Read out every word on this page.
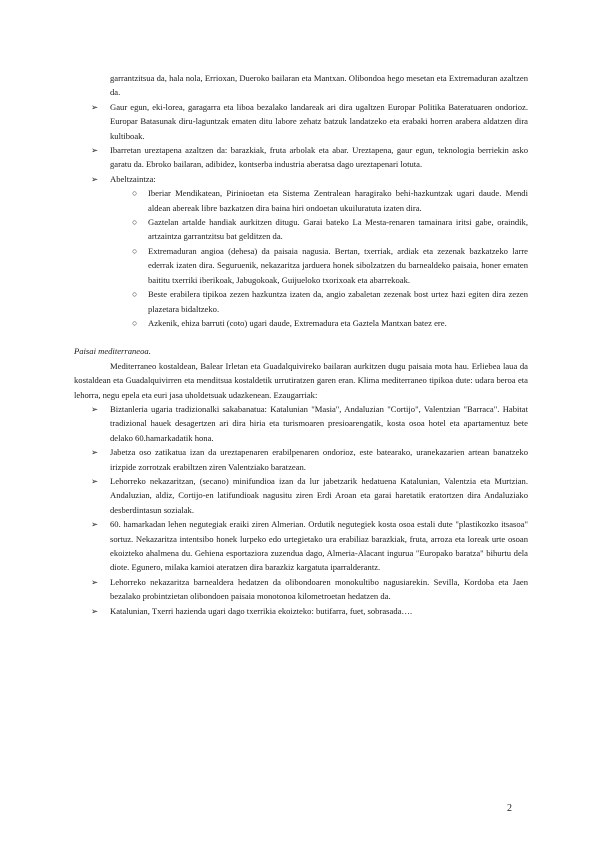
garrantzitsua da, hala nola, Errioxan, Dueroko bailaran eta Mantxan. Olibondoa hego mesetan eta Extremaduran azaltzen da.

➢ Gaur egun, eki-lorea, garagarra eta liboa bezalako landareak ari dira ugaltzen Europar Politika Bateratuaren ondorioz. Europar Batasunak diru-laguntzak ematen ditu labore zehatz batzuk landatzeko eta erabaki horren arabera aldatzen dira kultiboak.

➢ Ibarretan ureztapena azaltzen da: barazkiak, fruta arbolak eta abar. Ureztapena, gaur egun, teknologia berriekin asko garatu da. Ebroko bailaran, adibidez, kontserba industria aberatsa dago ureztapenari lotuta.

➢ Abeltzaintza:

○ Iberiar Mendikatean, Pirinioetan eta Sistema Zentralean haragirako behi-hazkuntzak ugari daude. Mendi aldean abereak libre bazkatzen dira baina hiri ondoetan ukuiluratuta izaten dira.

○ Gaztelan artalde handiak aurkitzen ditugu. Garai bateko La Mesta-renaren tamainara iritsi gabe, oraindik, artzaintza garrantzitsu bat gelditzen da.

○ Extremaduran angioa (dehesa) da paisaia nagusia. Bertan, txerriak, ardiak eta zezenak bazkatzeko larre ederrak izaten dira. Seguruenik, nekazaritza jarduera honek sibolzatzen du barnealdeko paisaia, honer ematen baititu txerriki iberikoak, Jabugokoak, Guijueloko txorixoak eta abarrekoak.

○ Beste erabilera tipikoa zezen hazkuntza izaten da, angio zabaletan zezenak bost urtez hazi egiten dira zezen plazetara bidaltzeko.

○ Azkenik, ehiza barruti (coto) ugari daude, Extremadura eta Gaztela Mantxan batez ere.

Paisai mediterraneoa.

Mediterraneo kostaldean, Balear Irletan eta Guadalquivireko bailaran aurkitzen dugu paisaia mota hau. Erliebea laua da kostaldean eta Guadalquivirren eta menditsua kostaldetik urrutiratzen garen eran. Klima mediterraneo tipikoa dute: udara beroa eta lehorra, negu epela eta euri jasa uholdetsuak udazkenean. Ezaugarriak:

➢ Biztanleria ugaria tradizionalki sakabanatua: Katalunian "Masia", Andaluzian "Cortijo", Valentzian "Barraca". Habitat tradizional hauek desagertzen ari dira hiria eta turismoaren presioarengatik, kosta osoa hotel eta apartamentuz bete delako 60.hamarkadatik hona.

➢ Jabetza oso zatikatua izan da ureztapenaren erabilpenaren ondorioz, este batearako, uranekazarien artean banatzeko irizpide zorrotzak erabiltzen ziren Valentziako baratzean.

➢ Lehorreko nekazaritzan, (secano) minifundioa izan da lur jabetzarik hedatuena Katalunian, Valentzia eta Murtzian. Andaluzian, aldiz, Cortijo-en latifundioak nagusitu ziren Erdi Aroan eta garai haretatik eratortzen dira Andaluziako desberdintasun sozialak.

➢ 60. hamarkadan lehen negutegiak eraiki ziren Almerian. Ordutik negutegiek kosta osoa estali dute "plastikozko itsasoa" sortuz. Nekazaritza intentsibo honek lurpeko edo urtegietako ura erabiliaz barazkiak, fruta, arroza eta loreak urte osoan ekoizteko ahalmena du. Gehiena esportaziora zuzendua dago, Almeria-Alacant ingurua "Europako baratza" bihurtu dela diote. Egunero, milaka kamioi ateratzen dira barazkiz kargatuta iparralderantz.

➢ Lehorreko nekazaritza barnealdera hedatzen da olibondoaren monokultibo nagusiarekin. Sevilla, Kordoba eta Jaen bezalako probintzietan olibondoen paisaia monotonoa kilometroetan hedatzen da.

➢ Katalunian, Txerri hazienda ugari dago txerrikia ekoizteko: butifarra, fuet, sobrasada….

2
